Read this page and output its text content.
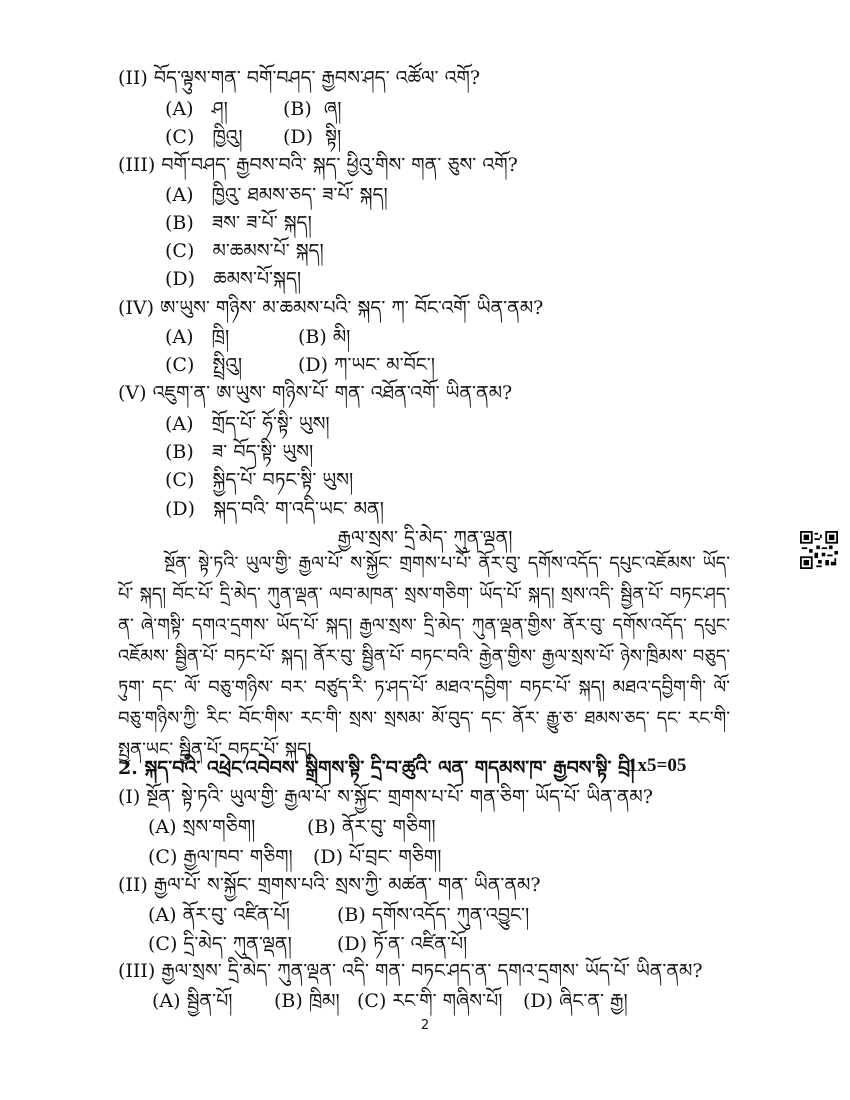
(II) བོད་ལྟུས་གན་ བགོ་བཤད་ རྒྱབས་ཤད་ འཚོལ་ འགོ?
(A) ཤ།	(B) ཞ།
(C) ཁྱིའུ། (D) སྟི།
(III) བགོ་བཤད་ རྒྱབས་བའི་ སྐད་ ཕྱིའུ་གིས་ གན་ ཅུས་ འགོ?
(A) ཁྱིའུ་ ཐམས་ཅད་ ཟ་པོ་ སྐད།
(B) ཟས་ ཟ་པོ་ སྐད།
(C) མ་ཆམས་པོ་ སྐད།
(D) ཆམས་པོ་སྐད།
(IV) ཨ་ཡུས་ གཉིས་ མ་ཆམས་པའི་ སྐད་ ཀ་ བོང་འགོ་ ཡིན་ནམ?
(A) ཁྲི།	(B) མི།
(C) སྤྲིའུ།	(D) ཀ་ཡང་ མ་བོང་།
(V) འཇུག་ན་ ཨ་ཡུས་ གཉིས་པོ་ གན་ འཐོན་འགོ་ ཡིན་ནམ?
(A) གྲོད་པོ་ ཧོ་སྟི་ ཡུས།
(B) ཟ་ བོད་སྟི་ ཡུས།
(C) སྐྱིད་པོ་ བཏང་སྟི་ ཡུས།
(D) སྐད་བའི་ ག་འདི་ཡང་ མན།
རྒྱལ་སྲས་ དྲི་མེད་ ཀུན་ལྡན།
སྔོན་ སྟེ་ཏའི་ ཡུལ་གྱི་ རྒྱལ་པོ་ ས་སྐྱོང་ གྲགས་པ་པོ་ ནོར་བུ་ དགོས་འདོད་ དཔུང་འཇོམས་ ཡོད་པོ་ སྐད། བོང་པོ་ དྲི་མེད་ ཀུན་ལྡན་ ལབ་མཁན་ སྲས་གཅིག་ ཡོད་པོ་ སྐད། སྲས་འདི་ སྦྱིན་པོ་ བཏང་ཤད་ན་ ཞེ་གསྟི་ དགའ་དྲགས་ ཡོད་པོ་ སྐད། རྒྱལ་སྲས་ དྲི་མེད་ ཀུན་ལྡན་གྱིས་ ནོར་བུ་ དགོས་འདོད་ དཔུང་འཇོམས་ སྦྱིན་པོ་ བཏང་པོ་ སྐད། ནོར་བུ་ སྦྱིན་པོ་ བཏང་བའི་ རྒྱེན་གྱིས་ རྒྱལ་སྲས་པོ་ ཉེས་ཁྲིམས་ བཅུད་ཏུག་ དང་ ལོ་ བཅུ་གཉིས་ བར་ བཙུད་རི་ ཏ་ཤད་པོ་ མཐའ་དབྱིག་ བཏང་པོ་ སྐད། མཐའ་དབྱིག་གི་ ལོ་བཅུ་གཉིས་ཀྱི་ རིང་ བོང་གིས་ རང་གི་ སྲས་ སྲསམ་ མོ་བུད་ དང་ ནོར་ རྒྱུ་ཅ་ ཐམས་ཅད་ དང་ རང་གི་ སྤྱན་ཡང་ སྦྱིན་པོ་ བཏང་པོ་ སྐད།
2. སྐད་བའི་ འཕྲེང་འབེབས་ སྒྲིགས་སྟི་ དྲི་བ་ཚུའི་ ལན་ གདམས་ཁ་ རྒྱབས་སྟི་ བྲི།
1x5=05
(I) སྔོན་ སྟེ་ཏའི་ ཡུལ་གྱི་ རྒྱལ་པོ་ ས་སྐྱོང་ གྲགས་པ་པོ་ གན་ཅིག་ ཡོད་པོ་ ཡིན་ནམ?
(A) སྲས་གཅིག།	(B) ནོར་བུ་ གཅིག།
(C) རྒྱལ་ཁབ་ གཅིག། (D) པོ་བྲང་ གཅིག།
(II) རྒྱལ་པོ་ ས་སྐྱོང་ གྲགས་པའི་ སྲས་ཀྱི་ མཚན་ གན་ ཡིན་ནམ?
(A) ནོར་བུ་ འཛིན་པོ། (B) དགོས་འདོད་ ཀུན་འབྱུང་།
(C) དྲི་མེད་ ཀུན་ལྡན། (D) ཏོ་ན་ འཛིན་པོ།
(III) རྒྱལ་སྲས་ དྲི་མེད་ ཀུན་ལྡན་ འདི་ གན་ བཏང་ཤད་ན་ དགའ་དྲགས་ ཡོད་པོ་ ཡིན་ནམ?
(A) སྦྱིན་པོ། (B) ཁྲིམ། (C) རང་གི་ གཞིས་པོ། (D) ཞིང་ན་ རྒྱ།
2
